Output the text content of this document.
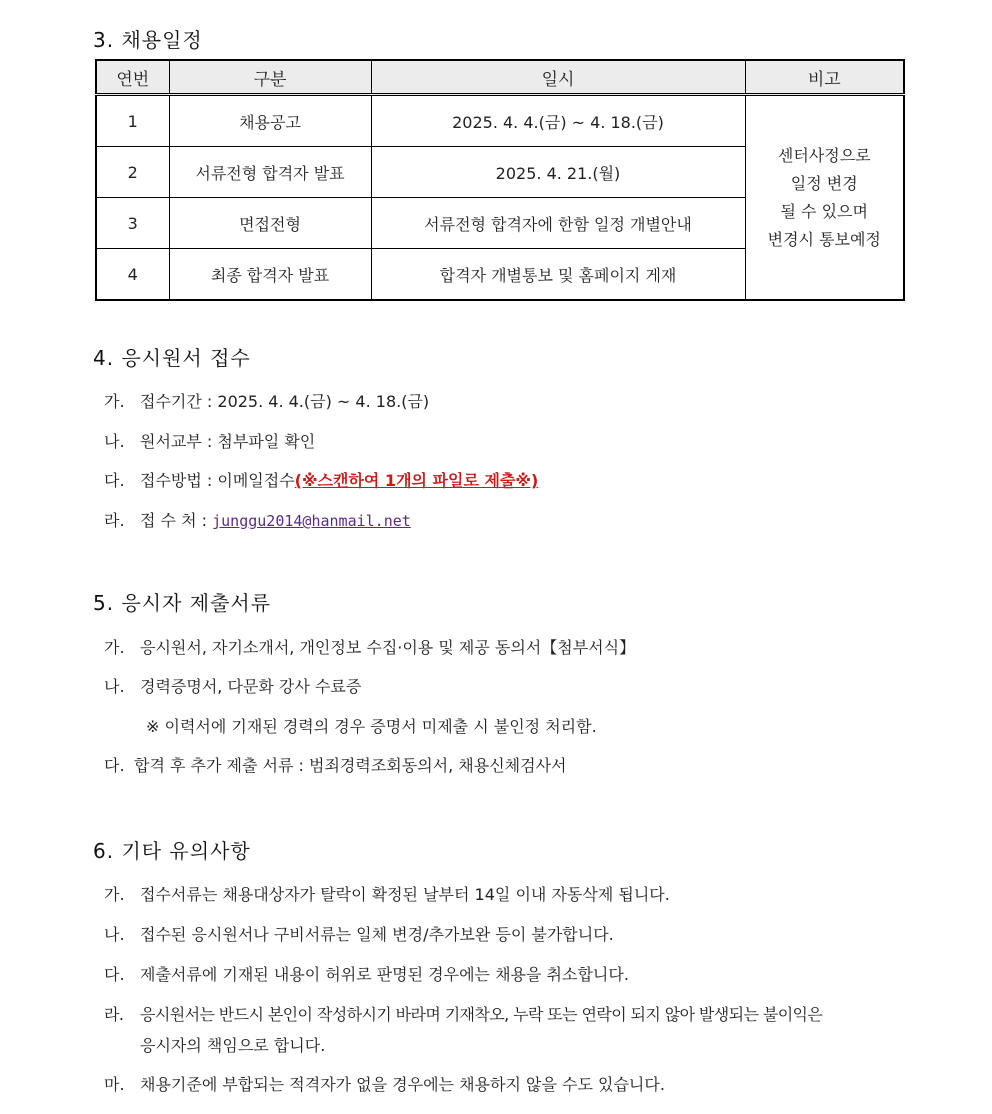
3. 채용일정
연번	구분	일시	비고
1	채용공고	2025. 4. 4.(금) ~ 4. 18.(금)	센터사정으로
일정 변경
될 수 있으며
변경시 통보예정

2	서류전형 합격자 발표	2025. 4. 21.(월)	
3	면접전형	서류전형 합격자에 한함 일정 개별안내	
4	최종 합격자 발표	합격자 개별통보 및 홈페이지 게재	
4. 응시원서 접수
가. 접수기간 : 2025. 4. 4.(금) ~ 4. 18.(금)
나. 원서교부 : 첨부파일 확인
다. 접수방법 : 이메일접수(※스캔하여 1개의 파일로 제출※)
라. 접 수 처 : junggu2014@hanmail.net
5. 응시자 제출서류
가. 응시원서, 자기소개서, 개인정보 수집·이용 및 제공 동의서【첨부서식】
나. 경력증명서, 다문화 강사 수료증
※ 이력서에 기재된 경력의 경우 증명서 미제출 시 불인정 처리함.
다. 합격 후 추가 제출 서류 : 범죄경력조회동의서, 채용신체검사서
6. 기타 유의사항
가. 접수서류는 채용대상자가 탈락이 확정된 날부터 14일 이내 자동삭제 됩니다.
나. 접수된 응시원서나 구비서류는 일체 변경/추가보완 등이 불가합니다.
다. 제출서류에 기재된 내용이 허위로 판명된 경우에는 채용을 취소합니다.
라. 응시원서는 반드시 본인이 작성하시기 바라며 기재착오, 누락 또는 연락이 되지 않아 발생되는 불이익은
응시자의 책임으로 합니다.
마. 채용기준에 부합되는 적격자가 없을 경우에는 채용하지 않을 수도 있습니다.
